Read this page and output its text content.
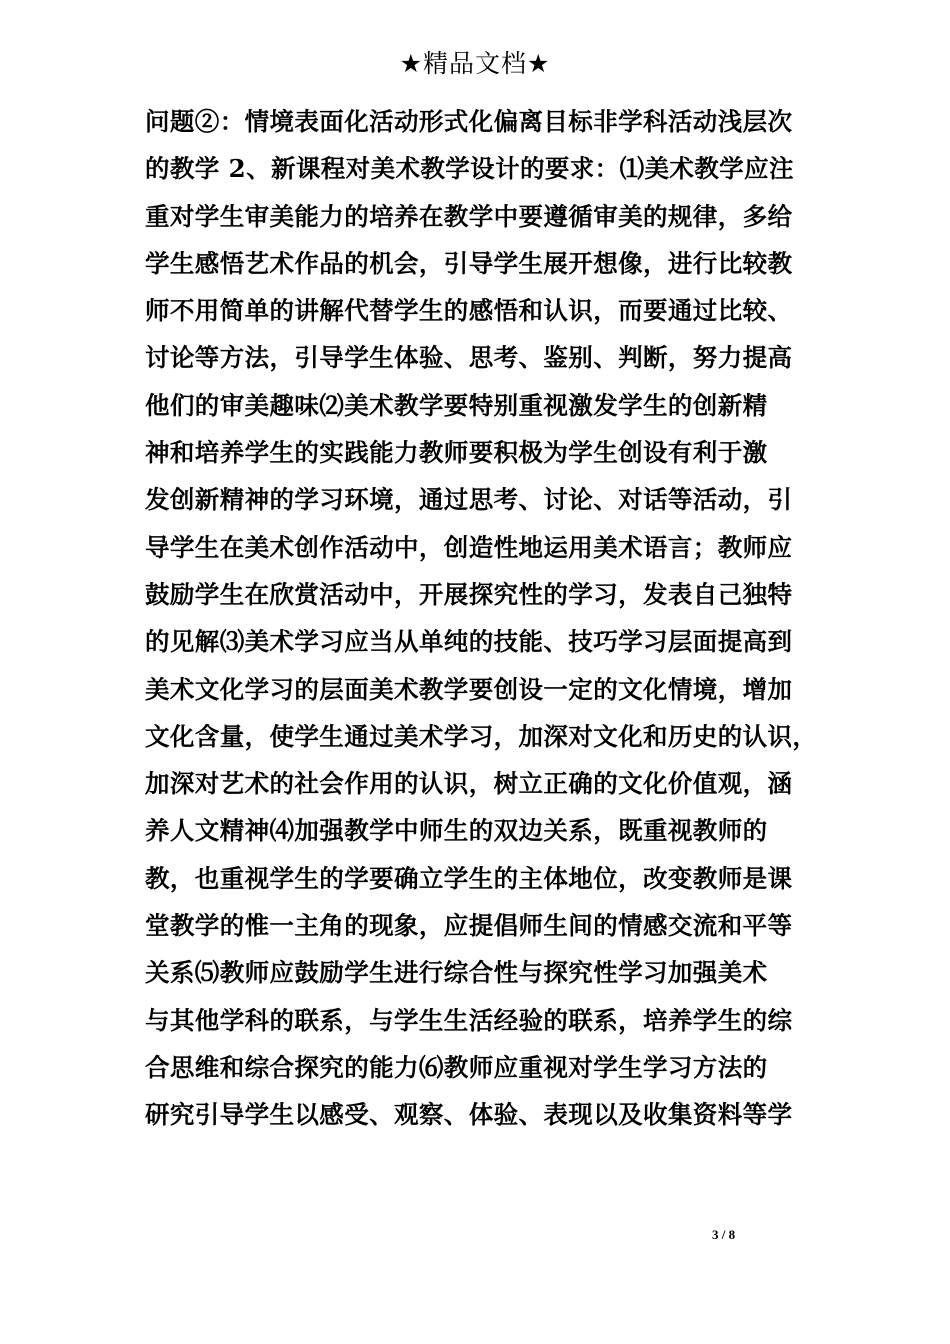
★精品文档★
问题②：情境表面化活动形式化偏离目标非学科活动浅层次
的教学 2、新课程对美术教学设计的要求：⑴美术教学应注
重对学生审美能力的培养在教学中要遵循审美的规律，多给
学生感悟艺术作品的机会，引导学生展开想像，进行比较教
师不用简单的讲解代替学生的感悟和认识，而要通过比较、
讨论等方法，引导学生体验、思考、鉴别、判断，努力提高
他们的审美趣味⑵美术教学要特别重视激发学生的创新精
神和培养学生的实践能力教师要积极为学生创设有利于激
发创新精神的学习环境，通过思考、讨论、对话等活动，引
导学生在美术创作活动中，创造性地运用美术语言；教师应
鼓励学生在欣赏活动中，开展探究性的学习，发表自己独特
的见解⑶美术学习应当从单纯的技能、技巧学习层面提高到
美术文化学习的层面美术教学要创设一定的文化情境，增加
文化含量，使学生通过美术学习，加深对文化和历史的认识，
加深对艺术的社会作用的认识，树立正确的文化价值观，涵
养人文精神⑷加强教学中师生的双边关系，既重视教师的
教，也重视学生的学要确立学生的主体地位，改变教师是课
堂教学的惟一主角的现象，应提倡师生间的情感交流和平等
关系⑸教师应鼓励学生进行综合性与探究性学习加强美术
与其他学科的联系，与学生生活经验的联系，培养学生的综
合思维和综合探究的能力⑹教师应重视对学生学习方法的
研究引导学生以感受、观察、体验、表现以及收集资料等学
3 / 8
